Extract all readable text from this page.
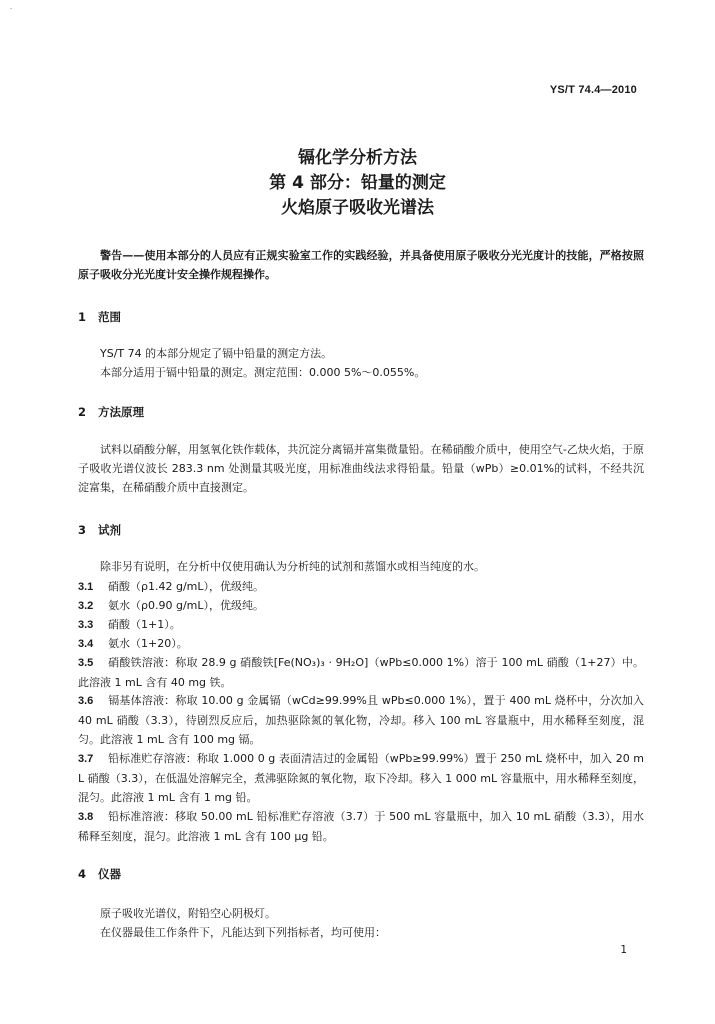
YS/T 74.4—2010
镉化学分析方法
第 4 部分：铅量的测定
火焰原子吸收光谱法
警告——使用本部分的人员应有正规实验室工作的实践经验，并具备使用原子吸收分光光度计的技能，严格按照原子吸收分光光度计安全操作规程操作。
1 范围
YS/T 74 的本部分规定了镉中铅量的测定方法。
本部分适用于镉中铅量的测定。测定范围：0.000 5%～0.055%。
2 方法原理
试料以硝酸分解，用氢氧化铁作载体，共沉淀分离镉并富集微量铅。在稀硝酸介质中，使用空气-乙炔火焰，于原子吸收光谱仪波长 283.3 nm 处测量其吸光度，用标准曲线法求得铅量。铅量（wPb）≥0.01%的试料，不经共沉淀富集，在稀硝酸介质中直接测定。
3 试剂
除非另有说明，在分析中仅使用确认为分析纯的试剂和蒸馏水或相当纯度的水。
3.1 硝酸（ρ1.42 g/mL），优级纯。
3.2 氨水（ρ0.90 g/mL），优级纯。
3.3 硝酸（1+1）。
3.4 氨水（1+20）。
3.5 硝酸铁溶液：称取 28.9 g 硝酸铁[Fe(NO₃)₃ · 9H₂O]（wPb≤0.000 1%）溶于 100 mL 硝酸（1+27）中。此溶液 1 mL 含有 40 mg 铁。
3.6 镉基体溶液：称取 10.00 g 金属镉（wCd≥99.99%且 wPb≤0.000 1%），置于 400 mL 烧杯中，分次加入 40 mL 硝酸（3.3），待剧烈反应后，加热驱除氮的氧化物，冷却。移入 100 mL 容量瓶中，用水稀释至刻度，混匀。此溶液 1 mL 含有 100 mg 镉。
3.7 铅标准贮存溶液：称取 1.000 0 g 表面清洁过的金属铅（wPb≥99.99%）置于 250 mL 烧杯中，加入 20 mL 硝酸（3.3），在低温处溶解完全，煮沸驱除氮的氧化物，取下冷却。移入 1 000 mL 容量瓶中，用水稀释至刻度，混匀。此溶液 1 mL 含有 1 mg 铅。
3.8 铅标准溶液：移取 50.00 mL 铅标准贮存溶液（3.7）于 500 mL 容量瓶中，加入 10 mL 硝酸（3.3），用水稀释至刻度，混匀。此溶液 1 mL 含有 100 μg 铅。
4 仪器
原子吸收光谱仪，附铅空心阴极灯。
在仪器最佳工作条件下，凡能达到下列指标者，均可使用：
1
